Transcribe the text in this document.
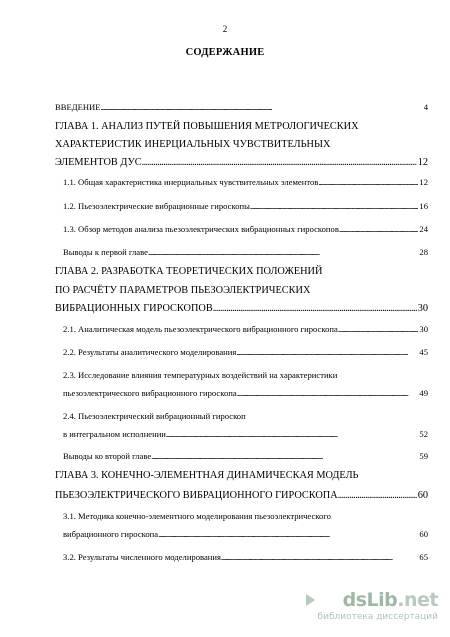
2
СОДЕРЖАНИЕ
ВВЕДЕНИЕ . . .	4
ГЛАВА 1. АНАЛИЗ ПУТЕЙ ПОВЫШЕНИЯ МЕТРОЛОГИЧЕСКИХ
ХАРАКТЕРИСТИК ИНЕРЦИАЛЬНЫХ ЧУВСТВИТЕЛЬНЫХ
ЭЛЕМЕНТОВ ДУС . . .	12
1.1. Общая характеристика инерциальных чувствительных элементов . . .	12
1.2. Пьезоэлектрические вибрационные гироскопы . . .	16
1.3. Обзор методов анализа пьезоэлектрических вибрационных гироскопов . . .	24
Выводы к первой главе . . .	28
ГЛАВА 2. РАЗРАБОТКА ТЕОРЕТИЧЕСКИХ ПОЛОЖЕНИЙ
ПО РАСЧЁТУ ПАРАМЕТРОВ ПЬЕЗОЭЛЕКТРИЧЕСКИХ
ВИБРАЦИОННЫХ ГИРОСКОПОВ . . .	30
2.1. Аналитическая модель пьезоэлектрического вибрационного гироскопа . . .	30
2.2. Результаты аналитического моделирования . . .	45
2.3. Исследование влияния температурных воздействий на характеристики
пьезоэлектрического вибрационного гироскопа . . .	49
2.4. Пьезоэлектрический вибрационный гироскоп
в интегральном исполнении . . .	52
Выводы ко второй главе . . .	59
ГЛАВА 3. КОНЕЧНО-ЭЛЕМЕНТНАЯ ДИНАМИЧЕСКАЯ МОДЕЛЬ
ПЬЕЗОЭЛЕКТРИЧЕСКОГО ВИБРАЦИОННОГО ГИРОСКОПА . . .	60
3.1. Методика конечно-элементного моделирования пьезоэлектрического
вибрационного гироскопа . . .	60
3.2. Результаты численного моделирования . . .	65
dsLib.net
библиотека диссертаций
